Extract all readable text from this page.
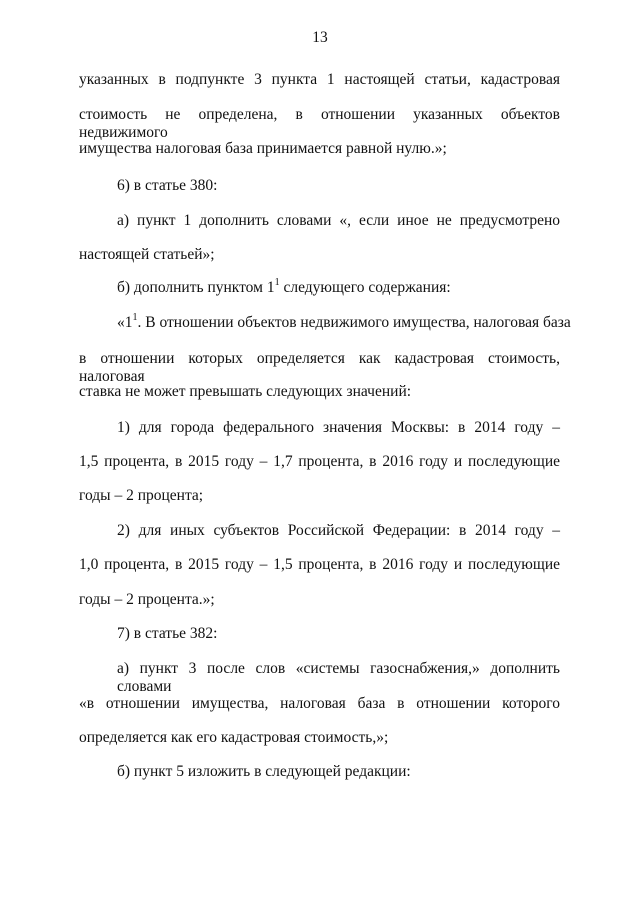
13
указанных в подпункте 3 пункта 1 настоящей статьи, кадастровая
стоимость не определена, в отношении указанных объектов недвижимого
имущества налоговая база принимается равной нулю.»;
6) в статье 380:
а) пункт 1 дополнить словами «, если иное не предусмотрено
настоящей статьей»;
б) дополнить пунктом $1^1$ следующего содержания:
«$1^1$. В отношении объектов недвижимого имущества, налоговая база
в отношении которых определяется как кадастровая стоимость, налоговая
ставка не может превышать следующих значений:
1) для города федерального значения Москвы: в 2014 году –
1,5 процента, в 2015 году – 1,7 процента, в 2016 году и последующие
годы – 2 процента;
2) для иных субъектов Российской Федерации: в 2014 году –
1,0 процента, в 2015 году – 1,5 процента, в 2016 году и последующие
годы – 2 процента.»;
7) в статье 382:
а) пункт 3 после слов «системы газоснабжения,» дополнить словами
«в отношении имущества, налоговая база в отношении которого
определяется как его кадастровая стоимость,»;
б) пункт 5 изложить в следующей редакции:
